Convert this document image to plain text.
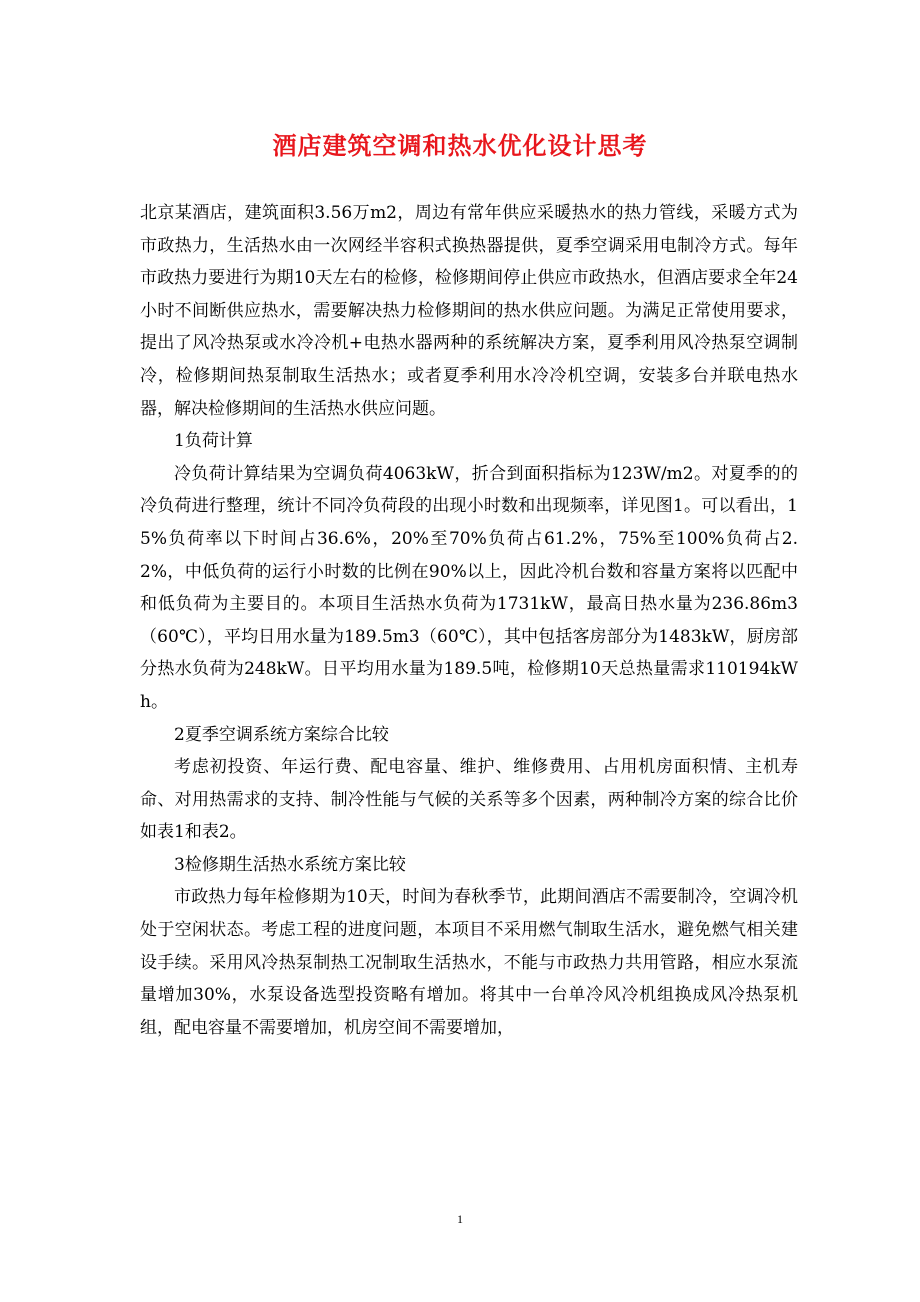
酒店建筑空调和热水优化设计思考

北京某酒店，建筑面积3.56万m2，周边有常年供应采暖热水的热力管线，采暖方式为市政热力，生活热水由一次网经半容积式换热器提供，夏季空调采用电制冷方式。每年市政热力要进行为期10天左右的检修，检修期间停止供应市政热水，但酒店要求全年24小时不间断供应热水，需要解决热力检修期间的热水供应问题。为满足正常使用要求，提出了风冷热泵或水冷冷机+电热水器两种的系统解决方案，夏季利用风冷热泵空调制冷，检修期间热泵制取生活热水；或者夏季利用水冷冷机空调，安装多台并联电热水器，解决检修期间的生活热水供应问题。

1负荷计算

冷负荷计算结果为空调负荷4063kW，折合到面积指标为123W/m2。对夏季的的冷负荷进行整理，统计不同冷负荷段的出现小时数和出现频率，详见图1。可以看出，15%负荷率以下时间占36.6%，20%至70%负荷占61.2%，75%至100%负荷占2.2%，中低负荷的运行小时数的比例在90%以上，因此冷机台数和容量方案将以匹配中和低负荷为主要目的。本项目生活热水负荷为1731kW，最高日热水量为236.86m3（60℃），平均日用水量为189.5m3（60℃），其中包括客房部分为1483kW，厨房部分热水负荷为248kW。日平均用水量为189.5吨，检修期10天总热量需求110194kWh。

2夏季空调系统方案综合比较

考虑初投资、年运行费、配电容量、维护、维修费用、占用机房面积情、主机寿命、对用热需求的支持、制冷性能与气候的关系等多个因素，两种制冷方案的综合比价如表1和表2。

3检修期生活热水系统方案比较

市政热力每年检修期为10天，时间为春秋季节，此期间酒店不需要制冷，空调冷机处于空闲状态。考虑工程的进度问题，本项目不采用燃气制取生活水，避免燃气相关建设手续。采用风冷热泵制热工况制取生活热水，不能与市政热力共用管路，相应水泵流量增加30%，水泵设备选型投资略有增加。将其中一台单冷风冷机组换成风冷热泵机组，配电容量不需要增加，机房空间不需要增加，

1
